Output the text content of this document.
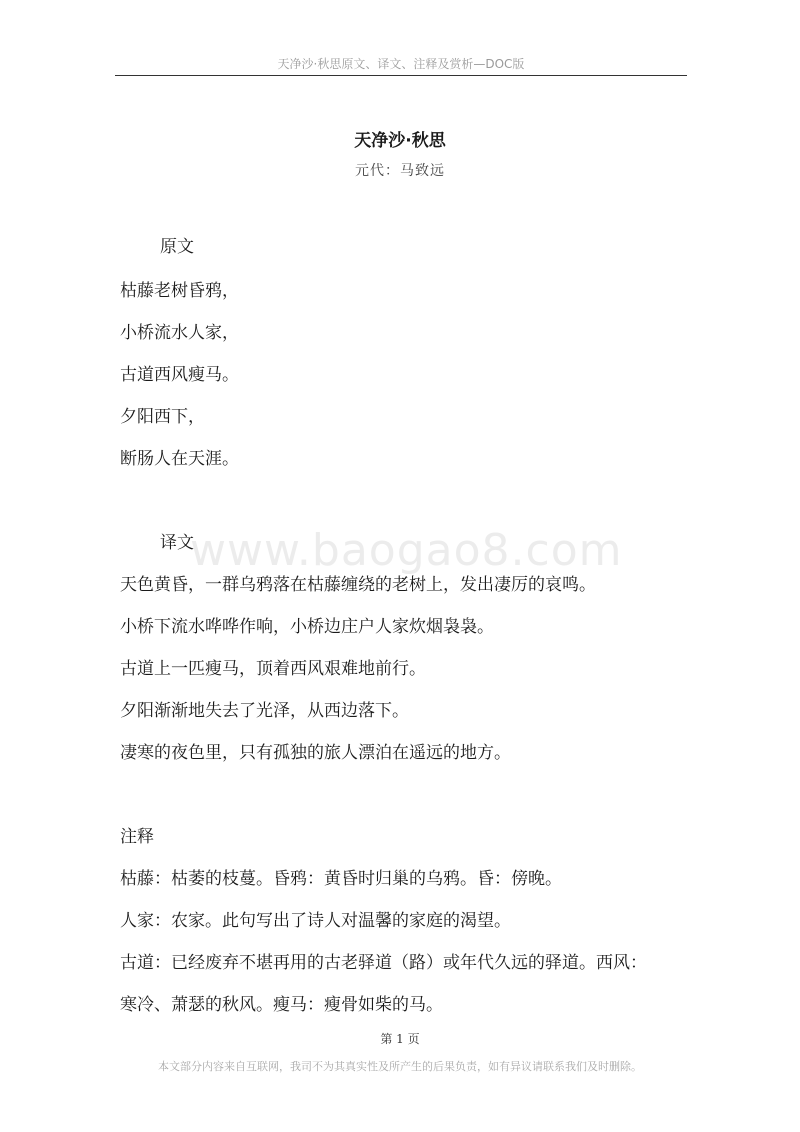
天净沙·秋思原文、译文、注释及赏析—DOC版
www.baogao8.com
天净沙·秋思
元代：马致远
原文
枯藤老树昏鸦，
小桥流水人家，
古道西风瘦马。
夕阳西下，
断肠人在天涯。
译文
天色黄昏，一群乌鸦落在枯藤缠绕的老树上，发出凄厉的哀鸣。
小桥下流水哗哗作响，小桥边庄户人家炊烟袅袅。
古道上一匹瘦马，顶着西风艰难地前行。
夕阳渐渐地失去了光泽，从西边落下。
凄寒的夜色里，只有孤独的旅人漂泊在遥远的地方。
注释
枯藤：枯萎的枝蔓。昏鸦：黄昏时归巢的乌鸦。昏：傍晚。
人家：农家。此句写出了诗人对温馨的家庭的渴望。
古道：已经废弃不堪再用的古老驿道（路）或年代久远的驿道。西风：
寒冷、萧瑟的秋风。瘦马：瘦骨如柴的马。
第 1 页
本文部分内容来自互联网，我司不为其真实性及所产生的后果负责，如有异议请联系我们及时删除。
